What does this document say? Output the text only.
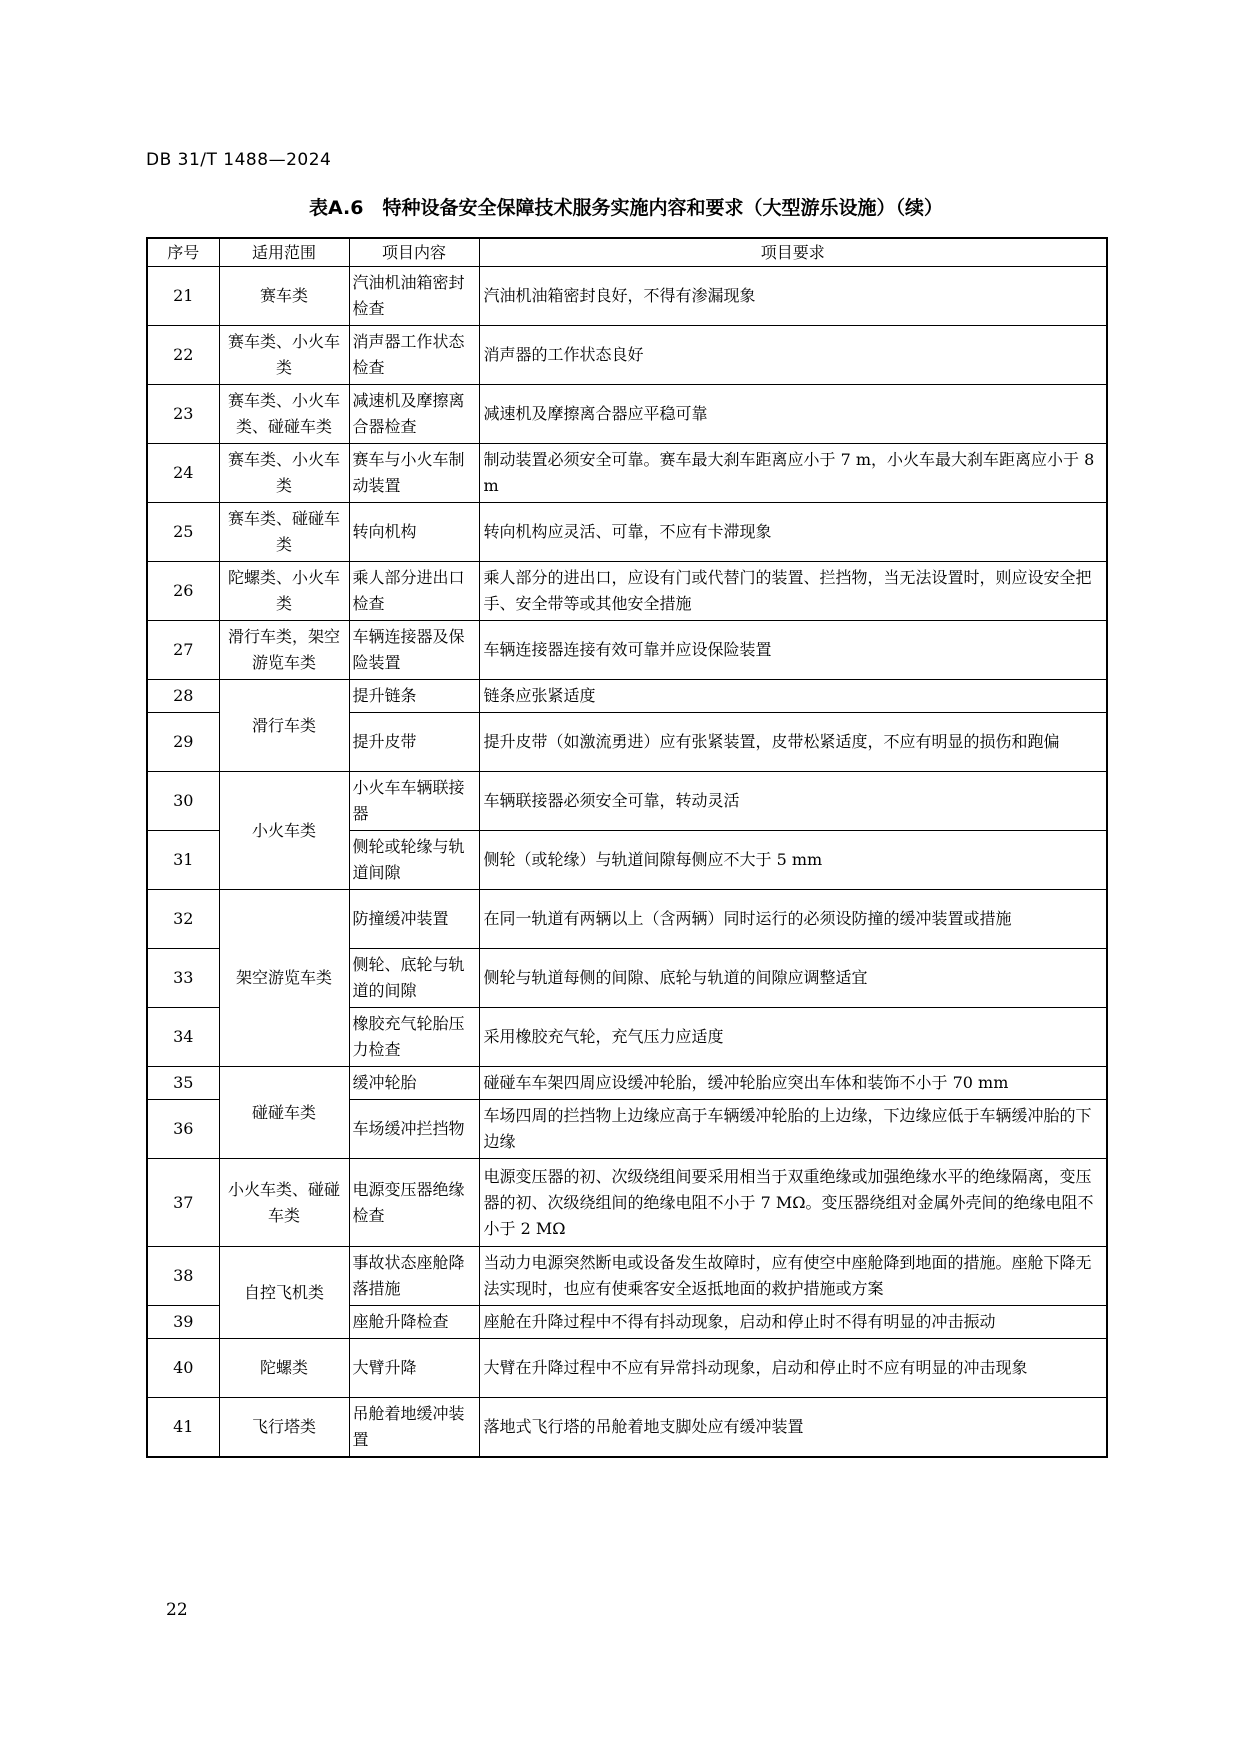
DB 31/T 1488—2024
表A.6　特种设备安全保障技术服务实施内容和要求（大型游乐设施）（续）
序号	适用范围	项目内容	项目要求
21	赛车类	汽油机油箱密封检查	汽油机油箱密封良好，不得有渗漏现象
22	赛车类、小火车类	消声器工作状态检查	消声器的工作状态良好
23	赛车类、小火车类、碰碰车类	减速机及摩擦离合器检查	减速机及摩擦离合器应平稳可靠
24	赛车类、小火车类	赛车与小火车制动装置	制动装置必须安全可靠。赛车最大刹车距离应小于 7 m，小火车最大刹车距离应小于 8 m
25	赛车类、碰碰车类	转向机构	转向机构应灵活、可靠，不应有卡滞现象
26	陀螺类、小火车类	乘人部分进出口检查	乘人部分的进出口，应设有门或代替门的装置、拦挡物，当无法设置时，则应设安全把手、安全带等或其他安全措施
27	滑行车类，架空游览车类	车辆连接器及保险装置	车辆连接器连接有效可靠并应设保险装置
28	滑行车类	提升链条	链条应张紧适度
29		提升皮带	提升皮带（如激流勇进）应有张紧装置，皮带松紧适度，不应有明显的损伤和跑偏
30	小火车类	小火车车辆联接器	车辆联接器必须安全可靠，转动灵活
31		侧轮或轮缘与轨道间隙	侧轮（或轮缘）与轨道间隙每侧应不大于 5 mm
32	架空游览车类	防撞缓冲装置	在同一轨道有两辆以上（含两辆）同时运行的必须设防撞的缓冲装置或措施
33		侧轮、底轮与轨道的间隙	侧轮与轨道每侧的间隙、底轮与轨道的间隙应调整适宜
34		橡胶充气轮胎压力检查	采用橡胶充气轮，充气压力应适度
35	碰碰车类	缓冲轮胎	碰碰车车架四周应设缓冲轮胎，缓冲轮胎应突出车体和装饰不小于 70 mm
36		车场缓冲拦挡物	车场四周的拦挡物上边缘应高于车辆缓冲轮胎的上边缘，下边缘应低于车辆缓冲胎的下边缘
37	小火车类、碰碰车类	电源变压器绝缘检查	电源变压器的初、次级绕组间要采用相当于双重绝缘或加强绝缘水平的绝缘隔离，变压器的初、次级绕组间的绝缘电阻不小于 7 MΩ。变压器绕组对金属外壳间的绝缘电阻不小于 2 MΩ
38	自控飞机类	事故状态座舱降落措施	当动力电源突然断电或设备发生故障时，应有使空中座舱降到地面的措施。座舱下降无法实现时，也应有使乘客安全返抵地面的救护措施或方案
39		座舱升降检查	座舱在升降过程中不得有抖动现象，启动和停止时不得有明显的冲击振动
40	陀螺类	大臂升降	大臂在升降过程中不应有异常抖动现象，启动和停止时不应有明显的冲击现象
41	飞行塔类	吊舱着地缓冲装置	落地式飞行塔的吊舱着地支脚处应有缓冲装置
22
